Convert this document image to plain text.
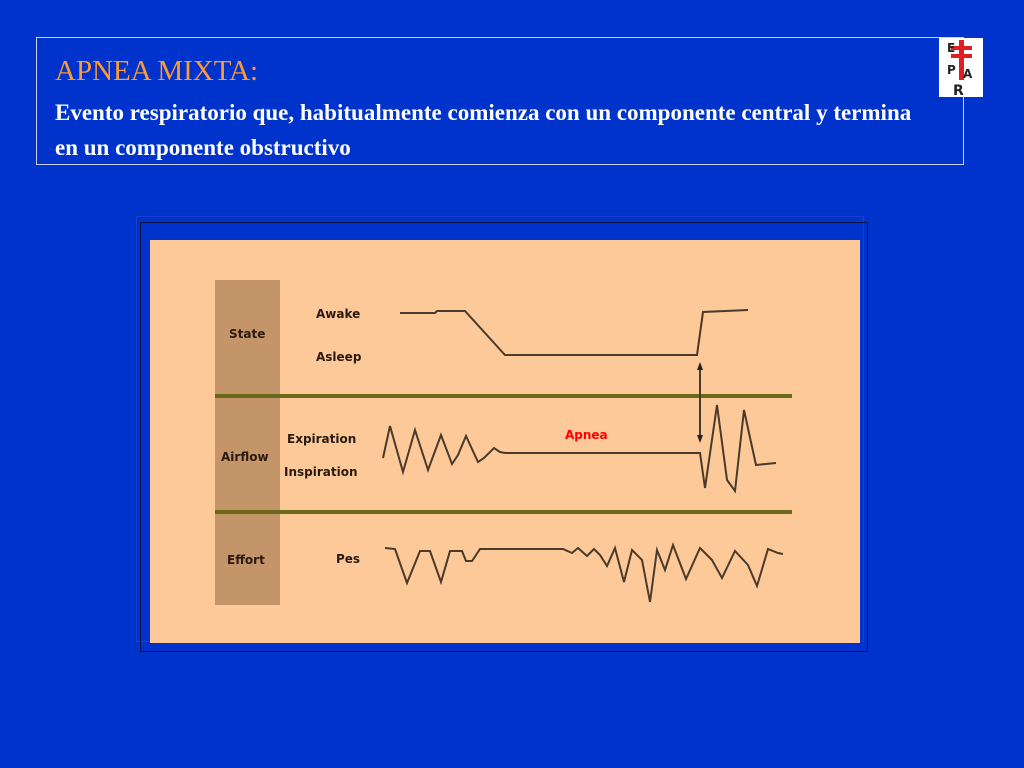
APNEA MIXTA:
Evento respiratorio que, habitualmente comienza con un componente central y termina en un componente obstructivo
E
P A
R
State
Airflow
Effort
Awake
Asleep
Expiration
Inspiration
Pes
Apnea
